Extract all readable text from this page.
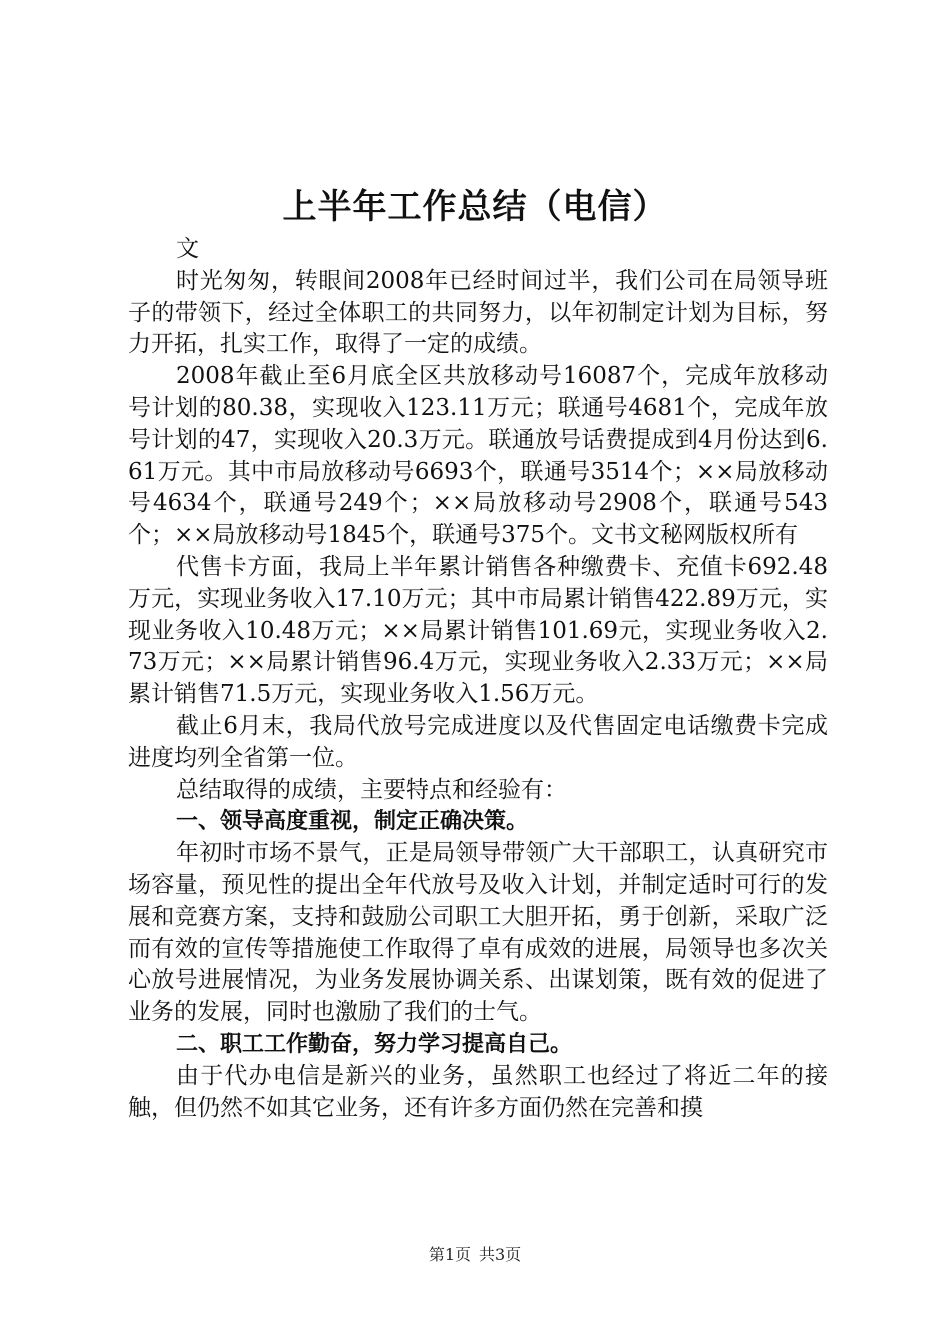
上半年工作总结（电信）

文

时光匆匆，转眼间2008年已经时间过半，我们公司在局领导班子的带领下，经过全体职工的共同努力，以年初制定计划为目标，努力开拓，扎实工作，取得了一定的成绩。

2008年截止至6月底全区共放移动号16087个，完成年放移动号计划的80.38，实现收入123.11万元；联通号4681个，完成年放号计划的47，实现收入20.3万元。联通放号话费提成到4月份达到6.61万元。其中市局放移动号6693个，联通号3514个；××局放移动号4634个，联通号249个；××局放移动号2908个，联通号543个；××局放移动号1845个，联通号375个。文书文秘网版权所有

代售卡方面，我局上半年累计销售各种缴费卡、充值卡692.48万元，实现业务收入17.10万元；其中市局累计销售422.89万元，实现业务收入10.48万元；××局累计销售101.69元，实现业务收入2.73万元；××局累计销售96.4万元，实现业务收入2.33万元；××局累计销售71.5万元，实现业务收入1.56万元。

截止6月末，我局代放号完成进度以及代售固定电话缴费卡完成进度均列全省第一位。

总结取得的成绩，主要特点和经验有：

一、领导高度重视，制定正确决策。

年初时市场不景气，正是局领导带领广大干部职工，认真研究市场容量，预见性的提出全年代放号及收入计划，并制定适时可行的发展和竞赛方案，支持和鼓励公司职工大胆开拓，勇于创新，采取广泛而有效的宣传等措施使工作取得了卓有成效的进展，局领导也多次关心放号进展情况，为业务发展协调关系、出谋划策，既有效的促进了业务的发展，同时也激励了我们的士气。

二、职工工作勤奋，努力学习提高自己。

由于代办电信是新兴的业务，虽然职工也经过了将近二年的接触，但仍然不如其它业务，还有许多方面仍然在完善和摸

第1页 共3页
